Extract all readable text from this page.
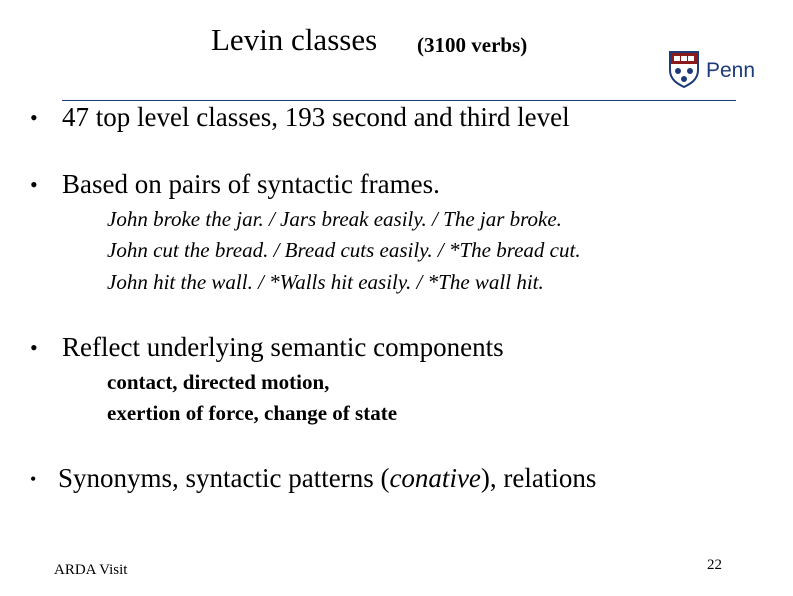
Levin classes (3100 verbs)
Penn
• 47 top level classes, 193 second and third level
• Based on pairs of syntactic frames.
John broke the jar. / Jars break easily. / The jar broke.
John cut the bread. / Bread cuts easily. / *The bread cut.
John hit the wall. / *Walls hit easily. / *The wall hit.
• Reflect underlying semantic components
contact, directed motion,
exertion of force, change of state
• Synonyms, syntactic patterns (conative), relations
ARDA Visit	22
